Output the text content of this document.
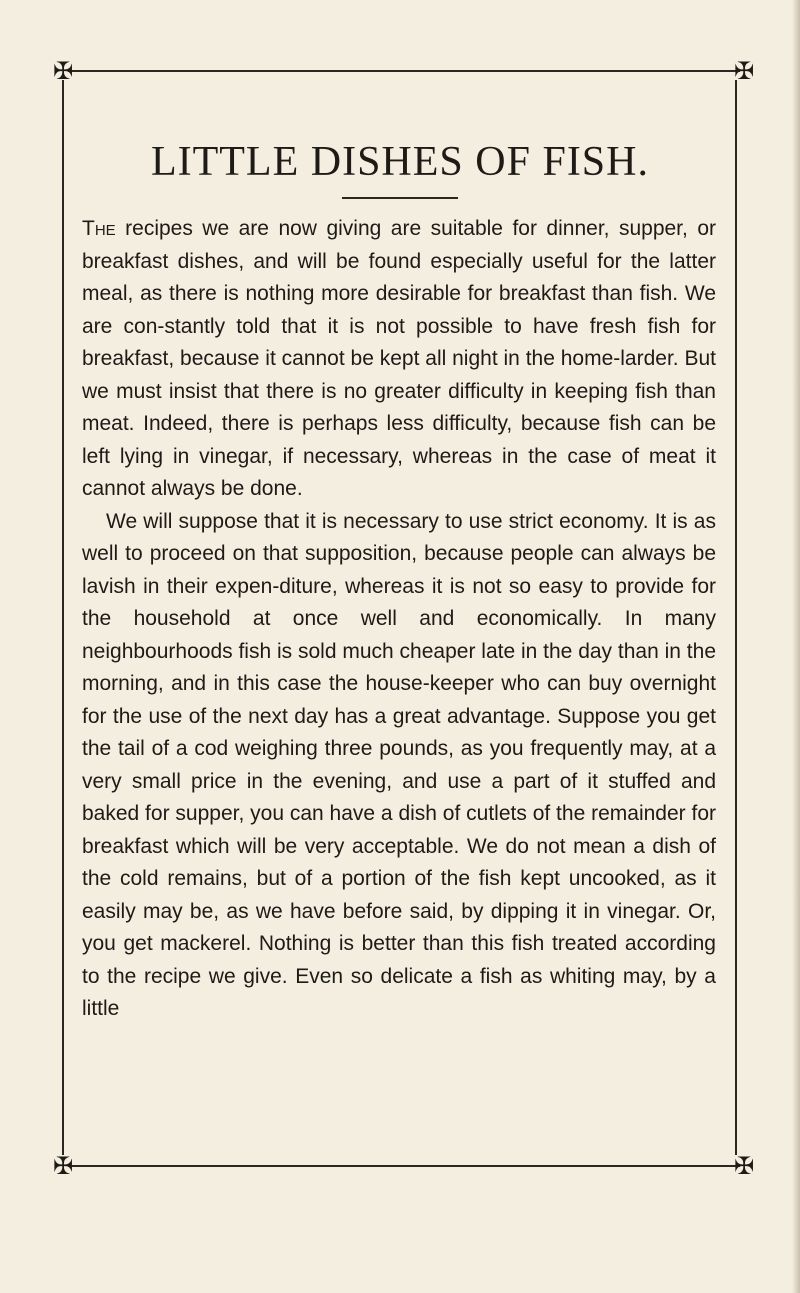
✠	✠
✠	✠
LITTLE DISHES OF FISH.

The recipes we are now giving are suitable for dinner, supper, or breakfast dishes, and will be found especially useful for the latter meal, as there is nothing more desirable for breakfast than fish. We are con-stantly told that it is not possible to have fresh fish for breakfast, because it cannot be kept all night in the home-larder. But we must insist that there is no greater difficulty in keeping fish than meat. Indeed, there is perhaps less difficulty, because fish can be left lying in vinegar, if necessary, whereas in the case of meat it cannot always be done.

We will suppose that it is necessary to use strict economy. It is as well to proceed on that supposition, because people can always be lavish in their expen-diture, whereas it is not so easy to provide for the household at once well and economically. In many neighbourhoods fish is sold much cheaper late in the day than in the morning, and in this case the house-keeper who can buy overnight for the use of the next day has a great advantage. Suppose you get the tail of a cod weighing three pounds, as you frequently may, at a very small price in the evening, and use a part of it stuffed and baked for supper, you can have a dish of cutlets of the remainder for breakfast which will be very acceptable. We do not mean a dish of the cold remains, but of a portion of the fish kept uncooked, as it easily may be, as we have before said, by dipping it in vinegar. Or, you get mackerel. Nothing is better than this fish treated according to the recipe we give. Even so delicate a fish as whiting may, by a little
